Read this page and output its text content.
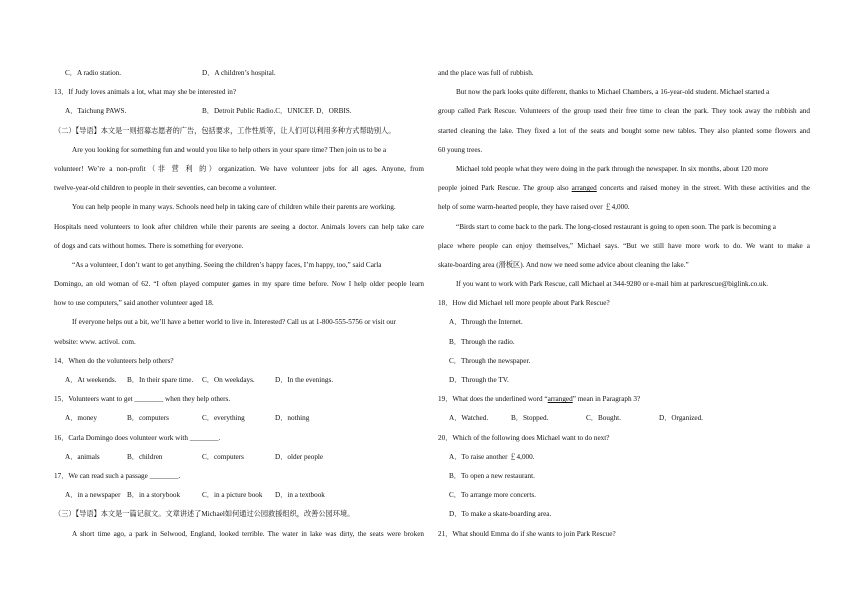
C．A radio station.	D．A children’s hospital.
13．If Judy loves animals a lot, what may she be interested in?
A．Taichung PAWS.	B．Detroit Public Radio.C．UNICEF. D．ORBIS.
（二）【导语】本文是一则招募志愿者的广告，包括要求，工作性质等，让人们可以利用多种方式帮助别人。
Are you looking for something fun and would you like to help others in your spare time? Then join us to be a
volunteer! We’re a non-profit（非 营 利 的）organization. We have volunteer jobs for all ages. Anyone, from
twelve-year-old children to people in their seventies, can become a volunteer.
You can help people in many ways. Schools need help in taking care of children while their parents are working.
Hospitals need volunteers to look after children while their parents are seeing a doctor. Animals lovers can help take care
of dogs and cats without homes. There is something for everyone.
“As a volunteer, I don’t want to get anything. Seeing the children’s happy faces, I’m happy, too,” said Carla
Domingo, an old woman of 62. “I often played computer games in my spare time before. Now I help older people learn
how to use computers,” said another volunteer aged 18.
If everyone helps out a bit, we’ll have a better world to live in. Interested? Call us at 1-800-555-5756 or visit our
website: www. activol. com.
14．When do the volunteers help others?
A．At weekends. B．In their spare time. C．On weekdays.	D．In the evenings.
15．Volunteers want to get ________ when they help others.
A．money	B．computers	C．everything	D．nothing
16．Carla Domingo does volunteer work with ________.
A．animals	B．children	C．computers	D．older people
17．We can read such a passage ________.
A．in a newspaper B．in a storybook	C．in a picture book D．in a textbook
（三）【导语】本文是一篇记叙文。文章讲述了Michael如何通过公园救援组织，改善公园环境。
A short time ago, a park in Selwood, England, looked terrible. The water in lake was dirty, the seats were broken
and the place was full of rubbish.
But now the park looks quite different, thanks to Michael Chambers, a 16-year-old student. Michael started a
group called Park Rescue. Volunteers of the group used their free time to clean the park. They took away the rubbish and
started cleaning the lake. They fixed a lot of the seats and bought some new tables. They also planted some flowers and
60 young trees.
Michael told people what they were doing in the park through the newspaper. In six months, about 120 more
people joined Park Rescue. The group also arranged concerts and raised money in the street. With these activities and the
help of some warm-hearted people, they have raised over ￡4,000.
“Birds start to come back to the park. The long-closed restaurant is going to open soon. The park is becoming a
place where people can enjoy themselves,” Michael says. “But we still have more work to do. We want to make a
skate-boarding area (滑板区). And now we need some advice about cleaning the lake.”
If you want to work with Park Rescue, call Michael at 344-9280 or e-mail him at parkrescue@biglink.co.uk.
18．How did Michael tell more people about Park Rescue?
A．Through the Internet.
B．Through the radio.
C．Through the newspaper.
D．Through the TV.
19．What does the underlined word “arranged” mean in Paragraph 3?
A．Watched.	B．Stopped.	C．Bought.	D．Organized.
20．Which of the following does Michael want to do next?
A．To raise another ￡4,000.
B．To open a new restaurant.
C．To arrange more concerts.
D．To make a skate-boarding area.
21．What should Emma do if she wants to join Park Rescue?
